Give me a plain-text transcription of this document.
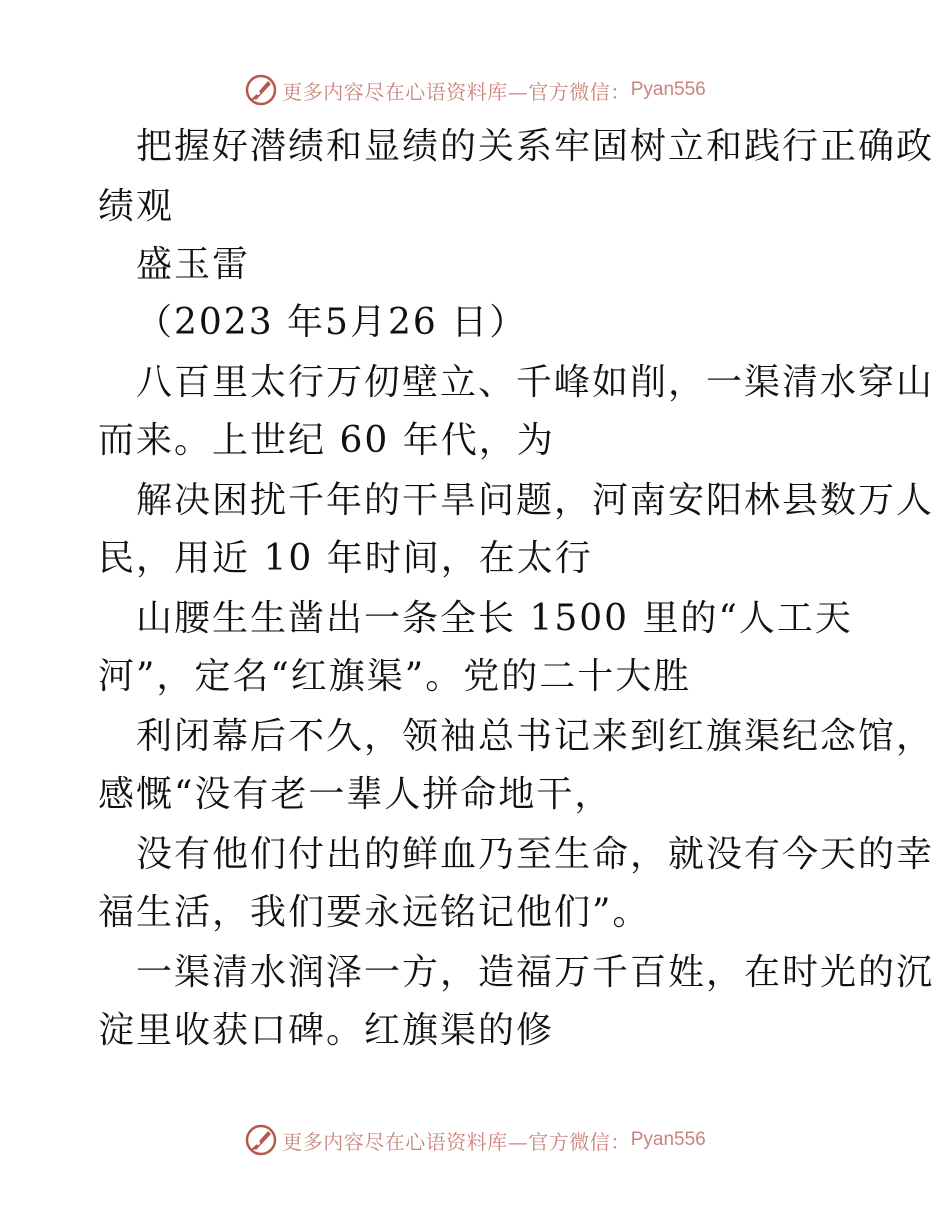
更多内容尽在心语资料库—官方微信： Pyan556
把握好潜绩和显绩的关系牢固树立和践行正确政
绩观
盛玉雷
（2023 年5月26 日）
八百里太行万仞壁立、千峰如削，一渠清水穿山
而来。上世纪 60 年代，为
解决困扰千年的干旱问题，河南安阳林县数万人
民，用近 10 年时间，在太行
山腰生生凿出一条全长 1500 里的“人工天
河”，定名“红旗渠”。党的二十大胜
利闭幕后不久，领袖总书记来到红旗渠纪念馆，
感慨“没有老一辈人拼命地干，
没有他们付出的鲜血乃至生命，就没有今天的幸
福生活，我们要永远铭记他们”。
一渠清水润泽一方，造福万千百姓，在时光的沉
淀里收获口碑。红旗渠的修
更多内容尽在心语资料库—官方微信： Pyan556
